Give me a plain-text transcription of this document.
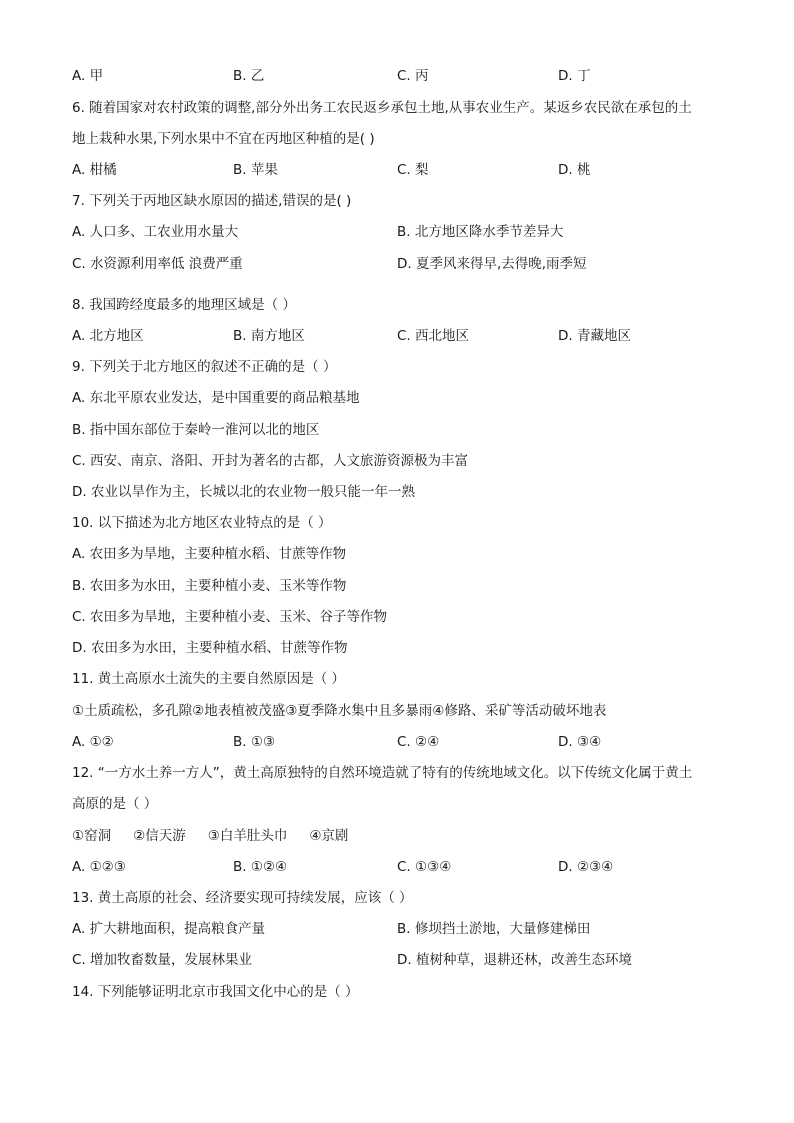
A. 甲	B. 乙	C. 丙	D. 丁
6. 随着国家对农村政策的调整,部分外出务工农民返乡承包土地,从事农业生产。某返乡农民欲在承包的土
地上栽种水果,下列水果中不宜在丙地区种植的是( )
A. 柑橘	B. 苹果	C. 梨	D. 桃
7. 下列关于丙地区缺水原因的描述,错误的是( )
A. 人口多、工农业用水量大	B. 北方地区降水季节差异大
C. 水资源利用率低 浪费严重	D. 夏季风来得早,去得晚,雨季短
8. 我国跨经度最多的地理区域是（ ）
A. 北方地区	B. 南方地区	C. 西北地区	D. 青藏地区
9. 下列关于北方地区的叙述不正确的是（ ）
A. 东北平原农业发达，是中国重要的商品粮基地
B. 指中国东部位于秦岭一淮河以北的地区
C. 西安、南京、洛阳、开封为著名的古都，人文旅游资源极为丰富
D. 农业以旱作为主，长城以北的农业物一般只能一年一熟
10. 以下描述为北方地区农业特点的是（ ）
A. 农田多为旱地，主要种植水稻、甘蔗等作物
B. 农田多为水田，主要种植小麦、玉米等作物
C. 农田多为旱地，主要种植小麦、玉米、谷子等作物
D. 农田多为水田，主要种植水稻、甘蔗等作物
11. 黄土高原水土流失的主要自然原因是（ ）
①土质疏松，多孔隙②地表植被茂盛③夏季降水集中且多暴雨④修路、采矿等活动破坏地表
A. ①②	B. ①③	C. ②④	D. ③④
12. “一方水土养一方人”，黄土高原独特的自然环境造就了特有的传统地域文化。以下传统文化属于黄土
高原的是（ ）
①窑洞 ②信天游 ③白羊肚头巾 ④京剧
A. ①②③	B. ①②④	C. ①③④	D. ②③④
13. 黄土高原的社会、经济要实现可持续发展，应该（ ）
A. 扩大耕地面积，提高粮食产量	B. 修坝挡土淤地，大量修建梯田
C. 增加牧畜数量，发展林果业	D. 植树种草，退耕还林，改善生态环境
14. 下列能够证明北京市我国文化中心的是（ ）
